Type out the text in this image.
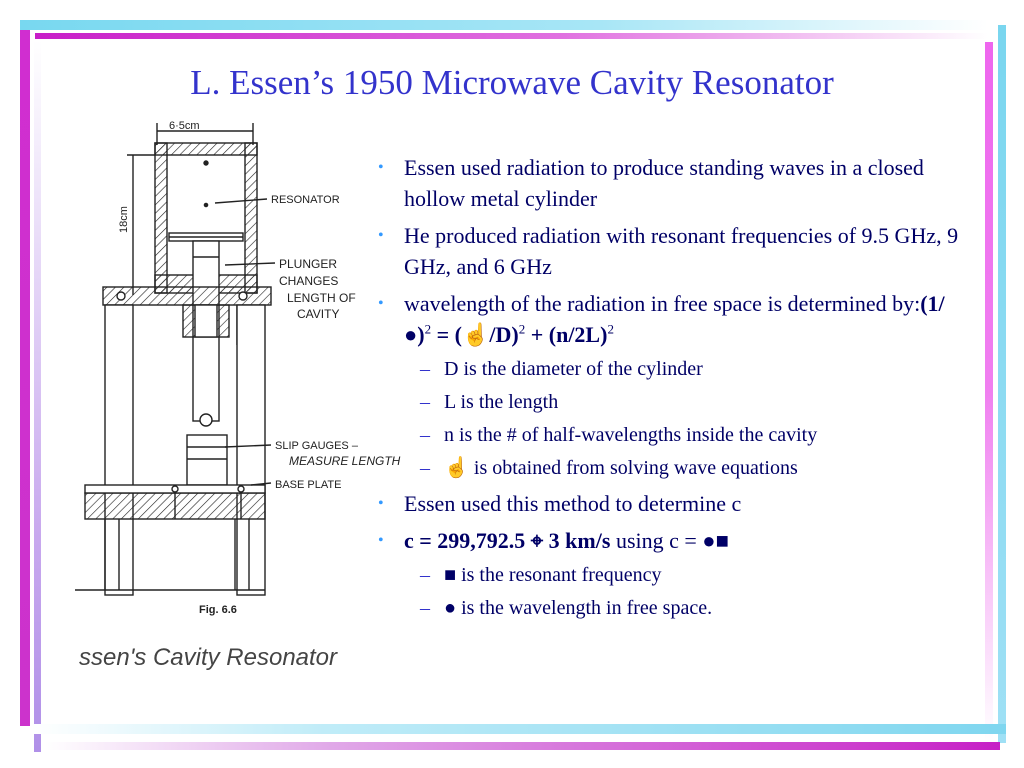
L. Essen’s 1950 Microwave Cavity Resonator
6·5cm
18cm
RESONATOR
PLUNGER
CHANGES
LENGTH OF
CAVITY
SLIP GAUGES –
MEASURE LENGTH
BASE PLATE
Fig. 6.6
ssen's Cavity Resonator
• Essen used radiation to produce standing waves in a closed hollow metal cylinder
• He produced radiation with resonant frequencies of 9.5 GHz, 9 GHz, and 6 GHz
• wavelength of the radiation in free space is determined by:(1/●)$^2$ = (☝/D)$^2$ + $(n/2L)^2$
– D is the diameter of the cylinder
– L is the length
– n is the # of half-wavelengths inside the cavity
– ☝ is obtained from solving wave equations
• Essen used this method to determine c
• c = 299,792.5 ⌖ 3 km/s using c = ●■
– ■ is the resonant frequency
– ● is the wavelength in free space.
